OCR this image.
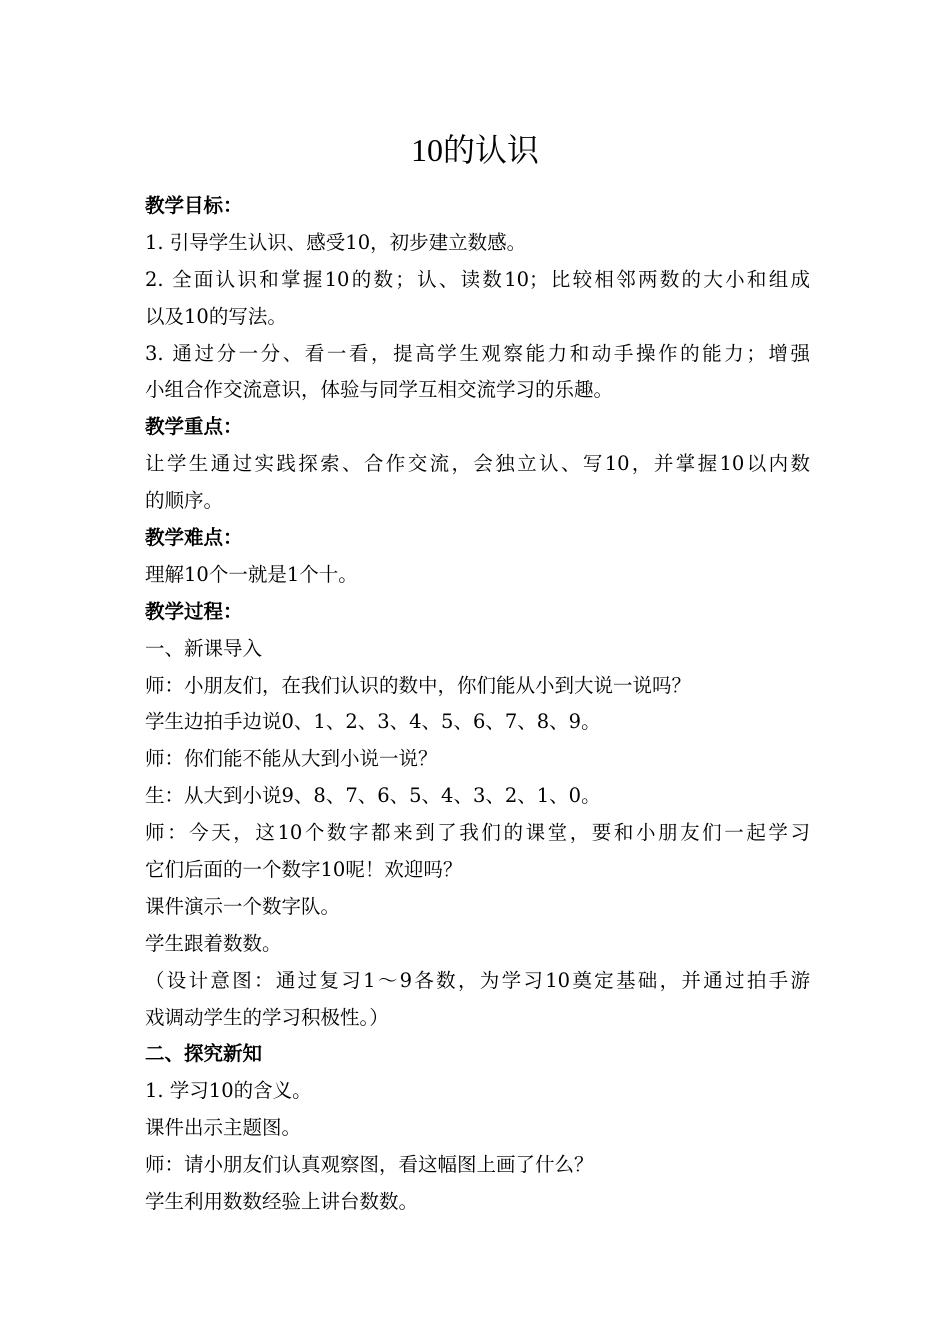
10的认识
教学目标：
1. 引导学生认识、感受10，初步建立数感。
2. 全面认识和掌握10的数；认、读数10；比较相邻两数的大小和组成
以及10的写法。
3. 通过分一分、看一看，提高学生观察能力和动手操作的能力；增强
小组合作交流意识，体验与同学互相交流学习的乐趣。
教学重点：
让学生通过实践探索、合作交流，会独立认、写10，并掌握10以内数
的顺序。
教学难点：
理解10个一就是1个十。
教学过程：
一、新课导入
师：小朋友们，在我们认识的数中，你们能从小到大说一说吗？
学生边拍手边说0、1、2、3、4、5、6、7、8、9。
师：你们能不能从大到小说一说？
生：从大到小说9、8、7、6、5、4、3、2、1、0。
师：今天，这10个数字都来到了我们的课堂，要和小朋友们一起学习
它们后面的一个数字10呢！欢迎吗？
课件演示一个数字队。
学生跟着数数。
（设计意图：通过复习1～9各数，为学习10奠定基础，并通过拍手游
戏调动学生的学习积极性。）
二、探究新知
1. 学习10的含义。
课件出示主题图。
师：请小朋友们认真观察图，看这幅图上画了什么？
学生利用数数经验上讲台数数。
